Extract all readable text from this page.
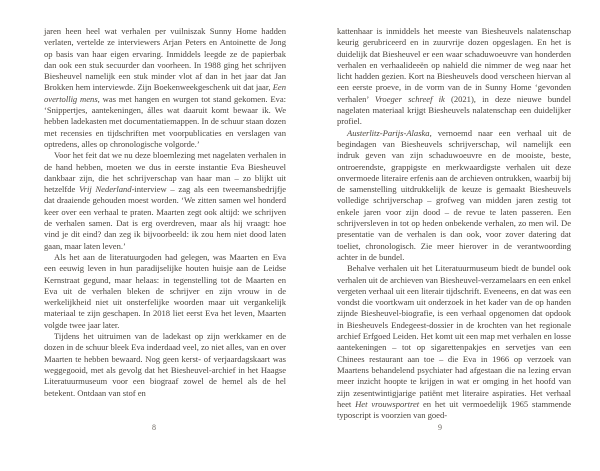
jaren heen heel wat verhalen per vuilniszak Sunny Home hadden verlaten, vertelde ze interviewers Arjan Peters en Antoinette de Jong op basis van haar eigen ervaring. Inmiddels leegde ze de papierbak dan ook een stuk secuurder dan voorheen. In 1988 ging het schrijven Biesheuvel namelijk een stuk minder vlot af dan in het jaar dat Jan Brokken hem interviewde. Zijn Boekenweekgeschenk uit dat jaar, Een overtollig mens, was met hangen en wurgen tot stand gekomen. Eva: ‘Snippertjes, aantekeningen, álles wat daaruit komt bewaar ik. We hebben ladekasten met documentatiemappen. In de schuur staan dozen met recensies en tijdschriften met voorpublicaties en verslagen van optredens, alles op chronologische volgorde.’

Voor het feit dat we nu deze bloemlezing met nagelaten verhalen in de hand hebben, moeten we dus in eerste instantie Eva Biesheuvel dankbaar zijn, die het schrijverschap van haar man – zo blijkt uit hetzelfde Vrij Nederland-interview – zag als een tweemansbedrijfje dat draaiende gehouden moest worden. ‘We zitten samen wel honderd keer over een verhaal te praten. Maarten zegt ook altijd: we schrijven de verhalen samen. Dat is erg overdreven, maar als hij vraagt: hoe vind je dit eind? dan zeg ik bijvoorbeeld: ik zou hem niet dood laten gaan, maar laten leven.’

Als het aan de literatuurgoden had gelegen, was Maarten en Eva een eeuwig leven in hun paradijselijke houten huisje aan de Leidse Kernstraat gegund, maar helaas: in tegenstelling tot de Maarten en Eva uit de verhalen bleken de schrijver en zijn vrouw in de werkelijkheid niet uit onsterfelijke woorden maar uit vergankelijk materiaal te zijn geschapen. In 2018 liet eerst Eva het leven, Maarten volgde twee jaar later.

Tijdens het uitruimen van de ladekast op zijn werkkamer en de dozen in de schuur bleek Eva inderdaad veel, zo niet alles, van en over Maarten te hebben bewaard. Nog geen kerst- of verjaardagskaart was weggegooid, met als gevolg dat het Biesheuvel-archief in het Haagse Literatuurmuseum voor een biograaf zowel de hemel als de hel betekent. Ontdaan van stof en

8

kattenhaar is inmiddels het meeste van Biesheuvels nalatenschap keurig gerubriceerd en in zuurvrije dozen opgeslagen. En het is duidelijk dat Biesheuvel er een waar schaduwoeuvre van honderden verhalen en verhaalideeën op nahield die nimmer de weg naar het licht hadden gezien. Kort na Biesheuvels dood verscheen hiervan al een eerste proeve, in de vorm van de in Sunny Home ‘gevonden verhalen’ Vroeger schreef ik (2021), in deze nieuwe bundel nagelaten materiaal krijgt Biesheuvels nalatenschap een duidelijker profiel.

Austerlitz-Parijs-Alaska, vernoemd naar een verhaal uit de begindagen van Biesheuvels schrijverschap, wil namelijk een indruk geven van zijn schaduwoeuvre en de mooiste, beste, ontroerendste, grappigste en merkwaardigste verhalen uit deze onvermoede literaire erfenis aan de archieven ontrukken, waarbij bij de samenstelling uitdrukkelijk de keuze is gemaakt Biesheuvels volledige schrijverschap – grofweg van midden jaren zestig tot enkele jaren voor zijn dood – de revue te laten passeren. Een schrijversleven in tot op heden onbekende verhalen, zo men wil. De presentatie van de verhalen is dan ook, voor zover datering dat toeliet, chronologisch. Zie meer hierover in de verantwoording achter in de bundel.

Behalve verhalen uit het Literatuurmuseum biedt de bundel ook verhalen uit de archieven van Biesheuvel-verzamelaars en een enkel vergeten verhaal uit een literair tijdschrift. Eveneens, en dat was een vondst die voortkwam uit onderzoek in het kader van de op handen zijnde Biesheuvel-biografie, is een verhaal opgenomen dat opdook in Biesheuvels Endegeest-dossier in de krochten van het regionale archief Erfgoed Leiden. Het komt uit een map met verhalen en losse aantekeningen – tot op sigarettenpakjes en servetjes van een Chinees restaurant aan toe – die Eva in 1966 op verzoek van Maartens behandelend psychiater had afgestaan die na lezing ervan meer inzicht hoopte te krijgen in wat er omging in het hoofd van zijn zesentwintigjarige patiënt met literaire aspiraties. Het verhaal heet Het vrouwsportret en het uit vermoedelijk 1965 stammende typoscript is voorzien van goed-

9
